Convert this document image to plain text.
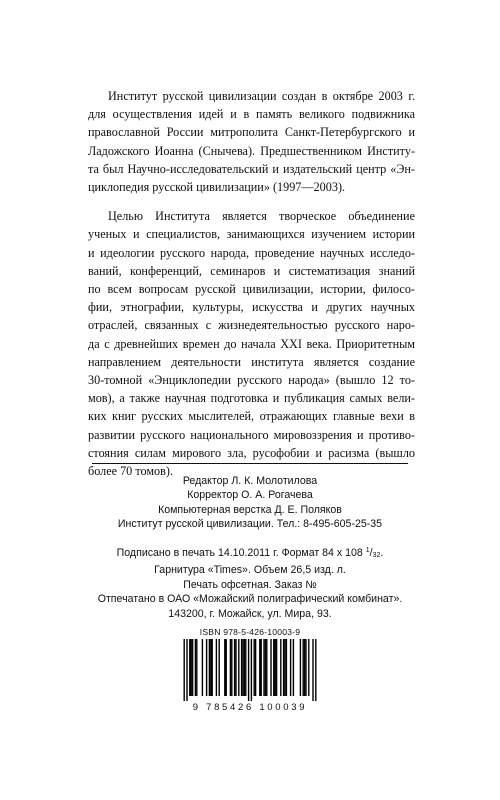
Институт русской цивилизации создан в октябре 2003 г.
для осуществления идей и в память великого подвижника
православной России митрополита Санкт-Петербургского и
Ладожского Иоанна (Снычева). Предшественником Институ-
та был Научно-исследовательский и издательский центр «Эн-
циклопедия русской цивилизации» (1997—2003).
Целью Института является творческое объединение
ученых и специалистов, занимающихся изучением истории
и идеологии русского народа, проведение научных исследо-
ваний, конференций, семинаров и систематизация знаний
по всем вопросам русской цивилизации, истории, филосо-
фии, этнографии, культуры, искусства и других научных
отраслей, связанных с жизнедеятельностью русского наро-
да с древнейших времен до начала XXI века. Приоритетным
направлением деятельности института является создание
30-томной «Энциклопедии русского народа» (вышло 12 то-
мов), а также научная подготовка и публикация самых вели-
ких книг русских мыслителей, отражающих главные вехи в
развитии русского национального мировоззрения и противо-
стояния силам мирового зла, русофобии и расизма (вышло
более 70 томов).
Редактор Л. К. Молотилова
Корректор О. А. Рогачева
Компьютерная верстка Д. Е. Поляков
Институт русской цивилизации. Тел.: 8-495-605-25-35
Подписано в печать 14.10.2011 г. Формат 84 х 108 $^1$/32.
Гарнитура «Times». Объем 26,5 изд. л.
Печать офсетная. Заказ №
Отпечатано в ОАО «Можайский полиграфический комбинат».
143200, г. Можайск, ул. Мира, 93.
ISBN 978-5-426-10003-9
9 785426 100039
